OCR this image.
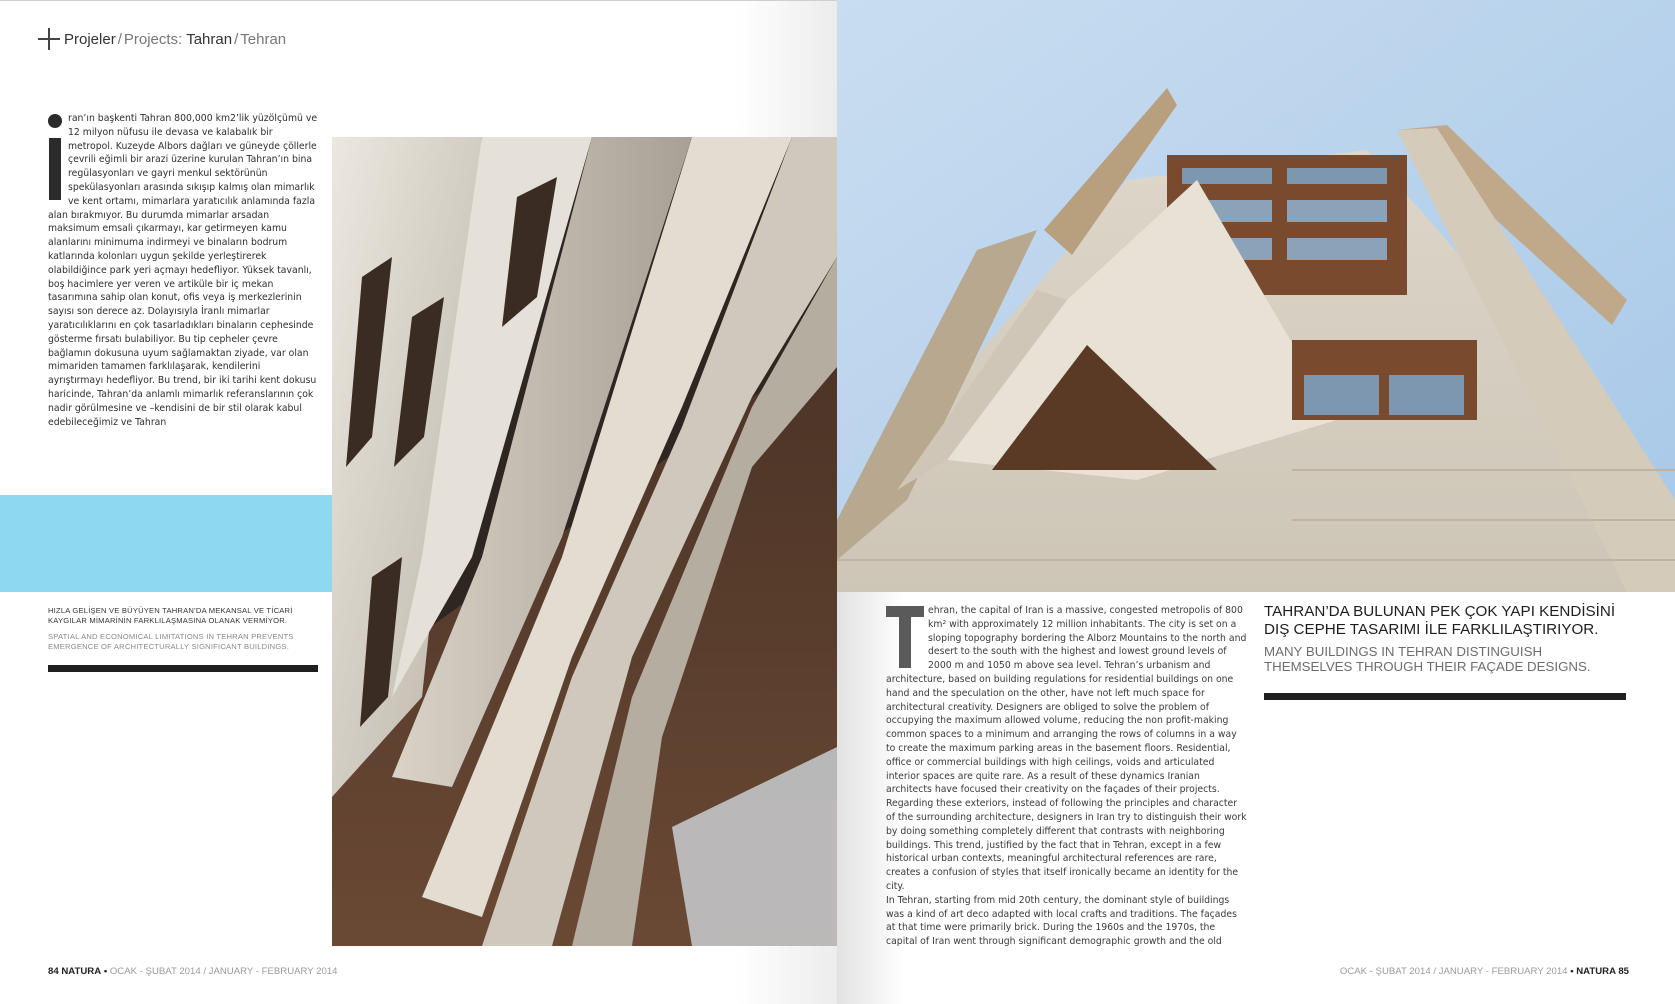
Projeler / Projects: Tahran / Tehran
ran’ın başkenti Tahran 800,000 km2’lik yüzölçümü ve 12 milyon nüfusu ile devasa ve kalabalık bir metropol. Kuzeyde Albors dağları ve güneyde çöllerle çevrili eğimli bir arazi üzerine kurulan Tahran’ın bina regülasyonları ve gayri menkul sektörünün spekülasyonları arasında sıkışıp kalmış olan mimarlık ve kent ortamı, mimarlara yaratıcılık anlamında fazla alan bırakmıyor. Bu durumda mimarlar arsadan maksimum emsali çıkarmayı, kar getirmeyen kamu alanlarını minimuma indirmeyi ve binaların bodrum katlarında kolonları uygun şekilde yerleştirerek olabildiğince park yeri açmayı hedefliyor. Yüksek tavanlı, boş hacimlere yer veren ve artiküle bir iç mekan tasarımına sahip olan konut, ofis veya iş merkezlerinin sayısı son derece az. Dolayısıyla İranlı mimarlar yaratıcılıklarını en çok tasarladıkları binaların cephesinde gösterme fırsatı bulabiliyor. Bu tip cepheler çevre bağlamın dokusuna uyum sağlamaktan ziyade, var olan mimariden tamamen farklılaşarak, kendilerini ayrıştırmayı hedefliyor. Bu trend, bir iki tarihi kent dokusu haricinde, Tahran’da anlamlı mimarlık referanslarının çok nadir görülmesine ve –kendisini de bir stil olarak kabul edebileceğimiz ve Tahran
HIZLA GELİŞEN VE BÜYÜYEN TAHRAN’DA MEKANSAL VE TİCARİ KAYGILAR MİMARİNİN FARKLILAŞMASINA OLANAK VERMİYOR.
SPATIAL AND ECONOMICAL LIMITATIONS IN TEHRAN PREVENTS EMERGENCE OF ARCHITECTURALLY SIGNIFICANT BUILDINGS.

ehran, the capital of Iran is a massive, congested metropolis of 800 km² with approximately 12 million inhabitants. The city is set on a sloping topography bordering the Alborz Mountains to the north and desert to the south with the highest and lowest ground levels of 2000 m and 1050 m above sea level. Tehran’s urbanism and architecture, based on building regulations for residential buildings on one hand and the speculation on the other, have not left much space for architectural creativity. Designers are obliged to solve the problem of occupying the maximum allowed volume, reducing the non profit-making common spaces to a minimum and arranging the rows of columns in a way to create the maximum parking areas in the basement floors. Residential, office or commercial buildings with high ceilings, voids and articulated interior spaces are quite rare. As a result of these dynamics Iranian architects have focused their creativity on the façades of their projects. Regarding these exteriors, instead of following the principles and character of the surrounding architecture, designers in Iran try to distinguish their work by doing something completely different that contrasts with neighboring buildings. This trend, justified by the fact that in Tehran, except in a few historical urban contexts, meaningful architectural references are rare, creates a confusion of styles that itself ironically became an identity for the city.

In Tehran, starting from mid 20th century, the dominant style of buildings was a kind of art deco adapted with local crafts and traditions. The façades at that time were primarily brick. During the 1960s and the 1970s, the capital of Iran went through significant demographic growth and the old

TAHRAN’DA BULUNAN PEK ÇOK YAPI KENDİSİNİ DIŞ CEPHE TASARIMI İLE FARKLILAŞTIRIYOR.
MANY BUILDINGS IN TEHRAN DISTINGUISH THEMSELVES THROUGH THEIR FAÇADE DESIGNS.
84 NATURA • OCAK - ŞUBAT 2014 / JANUARY - FEBRUARY 2014	OCAK - ŞUBAT 2014 / JANUARY - FEBRUARY 2014 • NATURA 85
